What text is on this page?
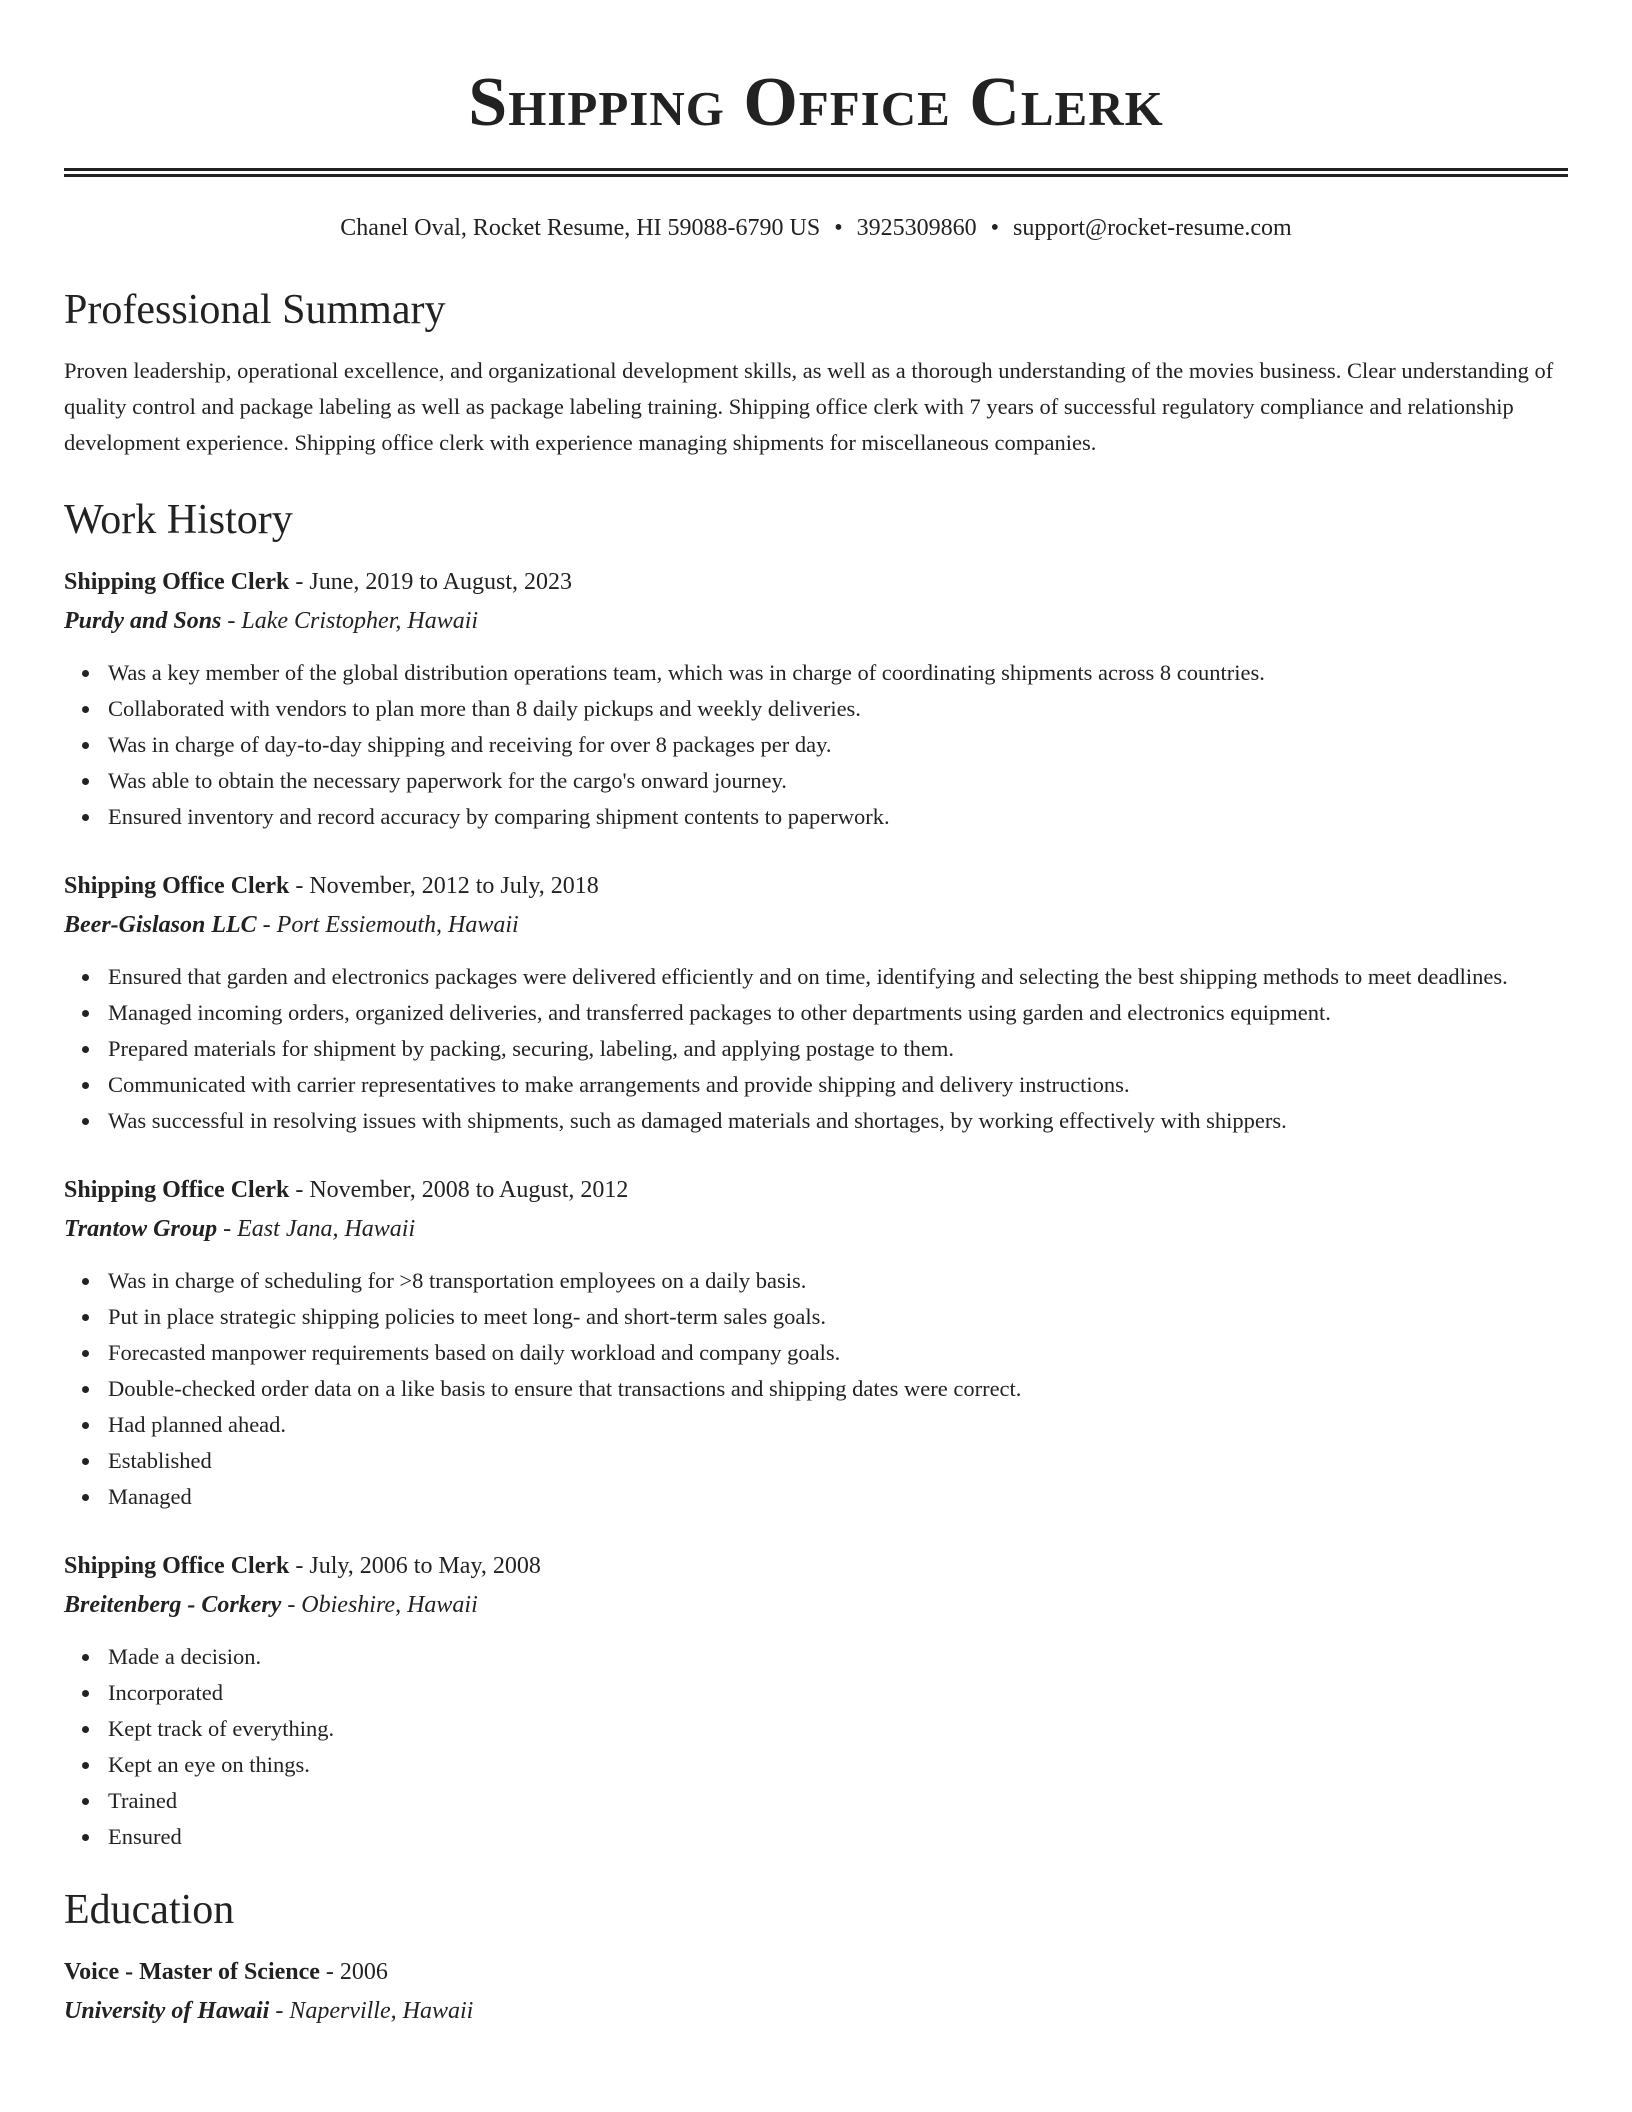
Shipping Office Clerk
Chanel Oval, Rocket Resume, HI 59088-6790 US • 3925309860 • support@rocket-resume.com
Professional Summary

Proven leadership, operational excellence, and organizational development skills, as well as a thorough understanding of the movies business. Clear understanding of quality control and package labeling as well as package labeling training. Shipping office clerk with 7 years of successful regulatory compliance and relationship development experience. Shipping office clerk with experience managing shipments for miscellaneous companies.

Work History
Shipping Office Clerk - June, 2019 to August, 2023
Purdy and Sons - Lake Cristopher, Hawaii
Was a key member of the global distribution operations team, which was in charge of coordinating shipments across 8 countries.
Collaborated with vendors to plan more than 8 daily pickups and weekly deliveries.
Was in charge of day-to-day shipping and receiving for over 8 packages per day.
Was able to obtain the necessary paperwork for the cargo's onward journey.
Ensured inventory and record accuracy by comparing shipment contents to paperwork.
Shipping Office Clerk - November, 2012 to July, 2018
Beer-Gislason LLC - Port Essiemouth, Hawaii
Ensured that garden and electronics packages were delivered efficiently and on time, identifying and selecting the best shipping methods to meet deadlines.
Managed incoming orders, organized deliveries, and transferred packages to other departments using garden and electronics equipment.
Prepared materials for shipment by packing, securing, labeling, and applying postage to them.
Communicated with carrier representatives to make arrangements and provide shipping and delivery instructions.
Was successful in resolving issues with shipments, such as damaged materials and shortages, by working effectively with shippers.
Shipping Office Clerk - November, 2008 to August, 2012
Trantow Group - East Jana, Hawaii
Was in charge of scheduling for >8 transportation employees on a daily basis.
Put in place strategic shipping policies to meet long- and short-term sales goals.
Forecasted manpower requirements based on daily workload and company goals.
Double-checked order data on a like basis to ensure that transactions and shipping dates were correct.
Had planned ahead.
Established
Managed
Shipping Office Clerk - July, 2006 to May, 2008
Breitenberg - Corkery - Obieshire, Hawaii
Made a decision.
Incorporated
Kept track of everything.
Kept an eye on things.
Trained
Ensured
Education
Voice - Master of Science - 2006
University of Hawaii - Naperville, Hawaii
